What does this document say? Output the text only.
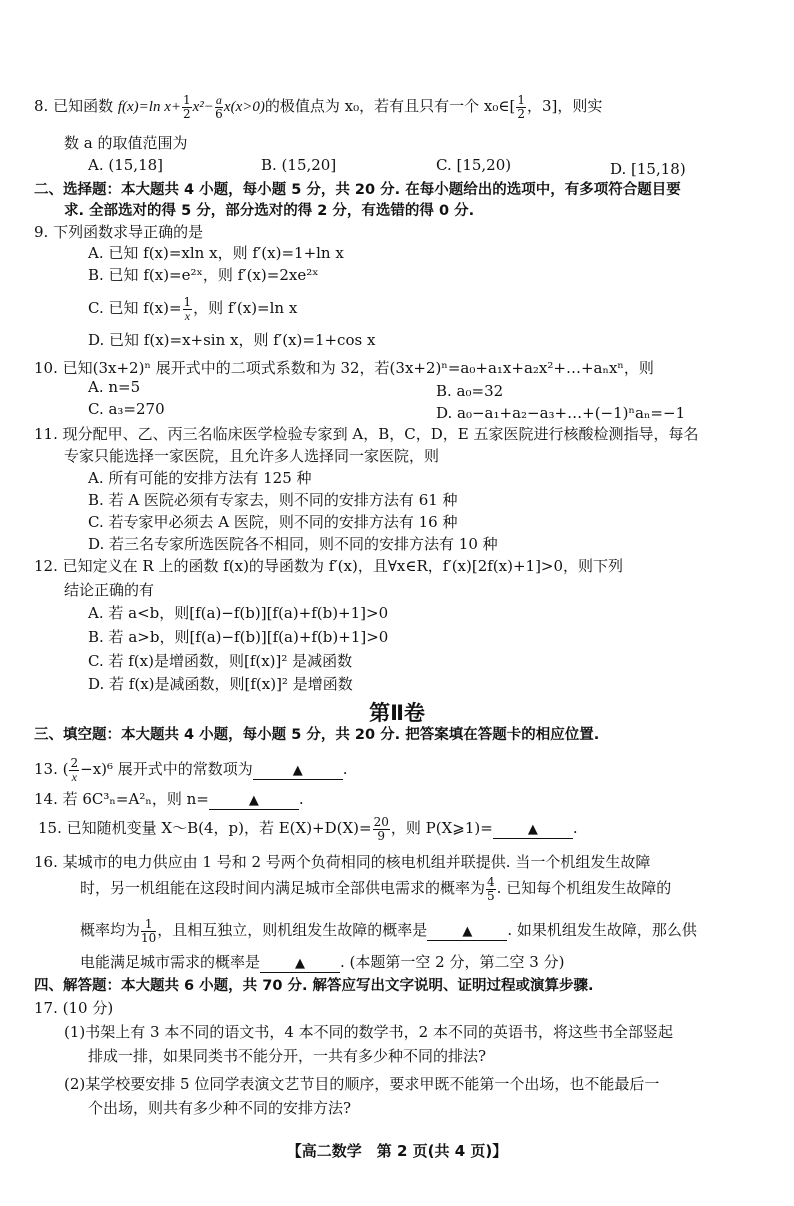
8. 已知函数 f(x)=ln $x+ \frac{1}{2} x^2- \frac{a}{6} x(x>0)$的极值点为 x₀，若有且只有一个 x₀∈[ $\frac{1}{2}$ ，3]，则实
数 a 的取值范围为
A. (15,18]	B. (15,20]	C. [15,20)	D. [15,18)
二、选择题：本大题共 4 小题，每小题 5 分，共 20 分. 在每小题给出的选项中，有多项符合题目要
求. 全部选对的得 5 分，部分选对的得 2 分，有选错的得 0 分.
9. 下列函数求导正确的是
A. 已知 f(x)=xln x，则 f′(x)=1+ln x
B. 已知 f(x)=e²ˣ，则 f′(x)=2xe²ˣ
C. 已知 $f(x)= \frac{1}{x}$ ，则 f′(x)=ln x
D. 已知 f(x)=x+sin x，则 f′(x)=1+cos x
10. 已知(3x+2)ⁿ 展开式中的二项式系数和为 32，若(3x+2)ⁿ=a₀+a₁x+a₂x²+…+aₙxⁿ，则
A. n=5	B. a₀=32
C. a₃=270	D. a₀−a₁+a₂−a₃+…+(−1)ⁿaₙ=−1
11. 现分配甲、乙、丙三名临床医学检验专家到 A，B，C，D，E 五家医院进行核酸检测指导，每名
专家只能选择一家医院，且允许多人选择同一家医院，则
A. 所有可能的安排方法有 125 种
B. 若 A 医院必须有专家去，则不同的安排方法有 61 种
C. 若专家甲必须去 A 医院，则不同的安排方法有 16 种
D. 若三名专家所选医院各不相同，则不同的安排方法有 10 种
12. 已知定义在 R 上的函数 f(x)的导函数为 f′(x)，且∀x∈R，f′(x)[2f(x)+1]>0，则下列
结论正确的有
A. 若 a<b，则[f(a)−f(b)][f(a)+f(b)+1]>0
B. 若 a>b，则[f(a)−f(b)][f(a)+f(b)+1]>0
C. 若 f(x)是增函数，则[f(x)]² 是减函数
D. 若 f(x)是减函数，则[f(x)]² 是增函数
第Ⅱ卷
三、填空题：本大题共 4 小题，每小题 5 分，共 20 分. 把答案填在答题卡的相应位置.
13. ( $\frac{2}{x} -x)^6$ 展开式中的常数项为	▲	.
14. 若 6C³ₙ=A²ₙ，则 n=	▲	.
15. 已知随机变量 X～B(4，p)，若 $E(X)+D(X)= \frac{20}{9}$ ，则 P(X⩾1)=	▲ .
16. 某城市的电力供应由 1 号和 2 号两个负荷相同的核电机组并联提供. 当一个机组发生故障
时，另一机组能在这段时间内满足城市全部供电需求的概率为 $\frac{4}{5}$ . 已知每个机组发生故障的
概率均为 $\frac{1}{10}$ ，且相互独立，则机组发生故障的概率是	▲ . 如果机组发生故障，那么供
电能满足城市需求的概率是	▲ . (本题第一空 2 分，第二空 3 分)
四、解答题：本大题共 6 小题，共 70 分. 解答应写出文字说明、证明过程或演算步骤.
17. (10 分)
(1)书架上有 3 本不同的语文书，4 本不同的数学书，2 本不同的英语书，将这些书全部竖起
排成一排，如果同类书不能分开，一共有多少种不同的排法?
(2)某学校要安排 5 位同学表演文艺节目的顺序，要求甲既不能第一个出场，也不能最后一
个出场，则共有多少种不同的安排方法?
【高二数学　第 2 页(共 4 页)】
